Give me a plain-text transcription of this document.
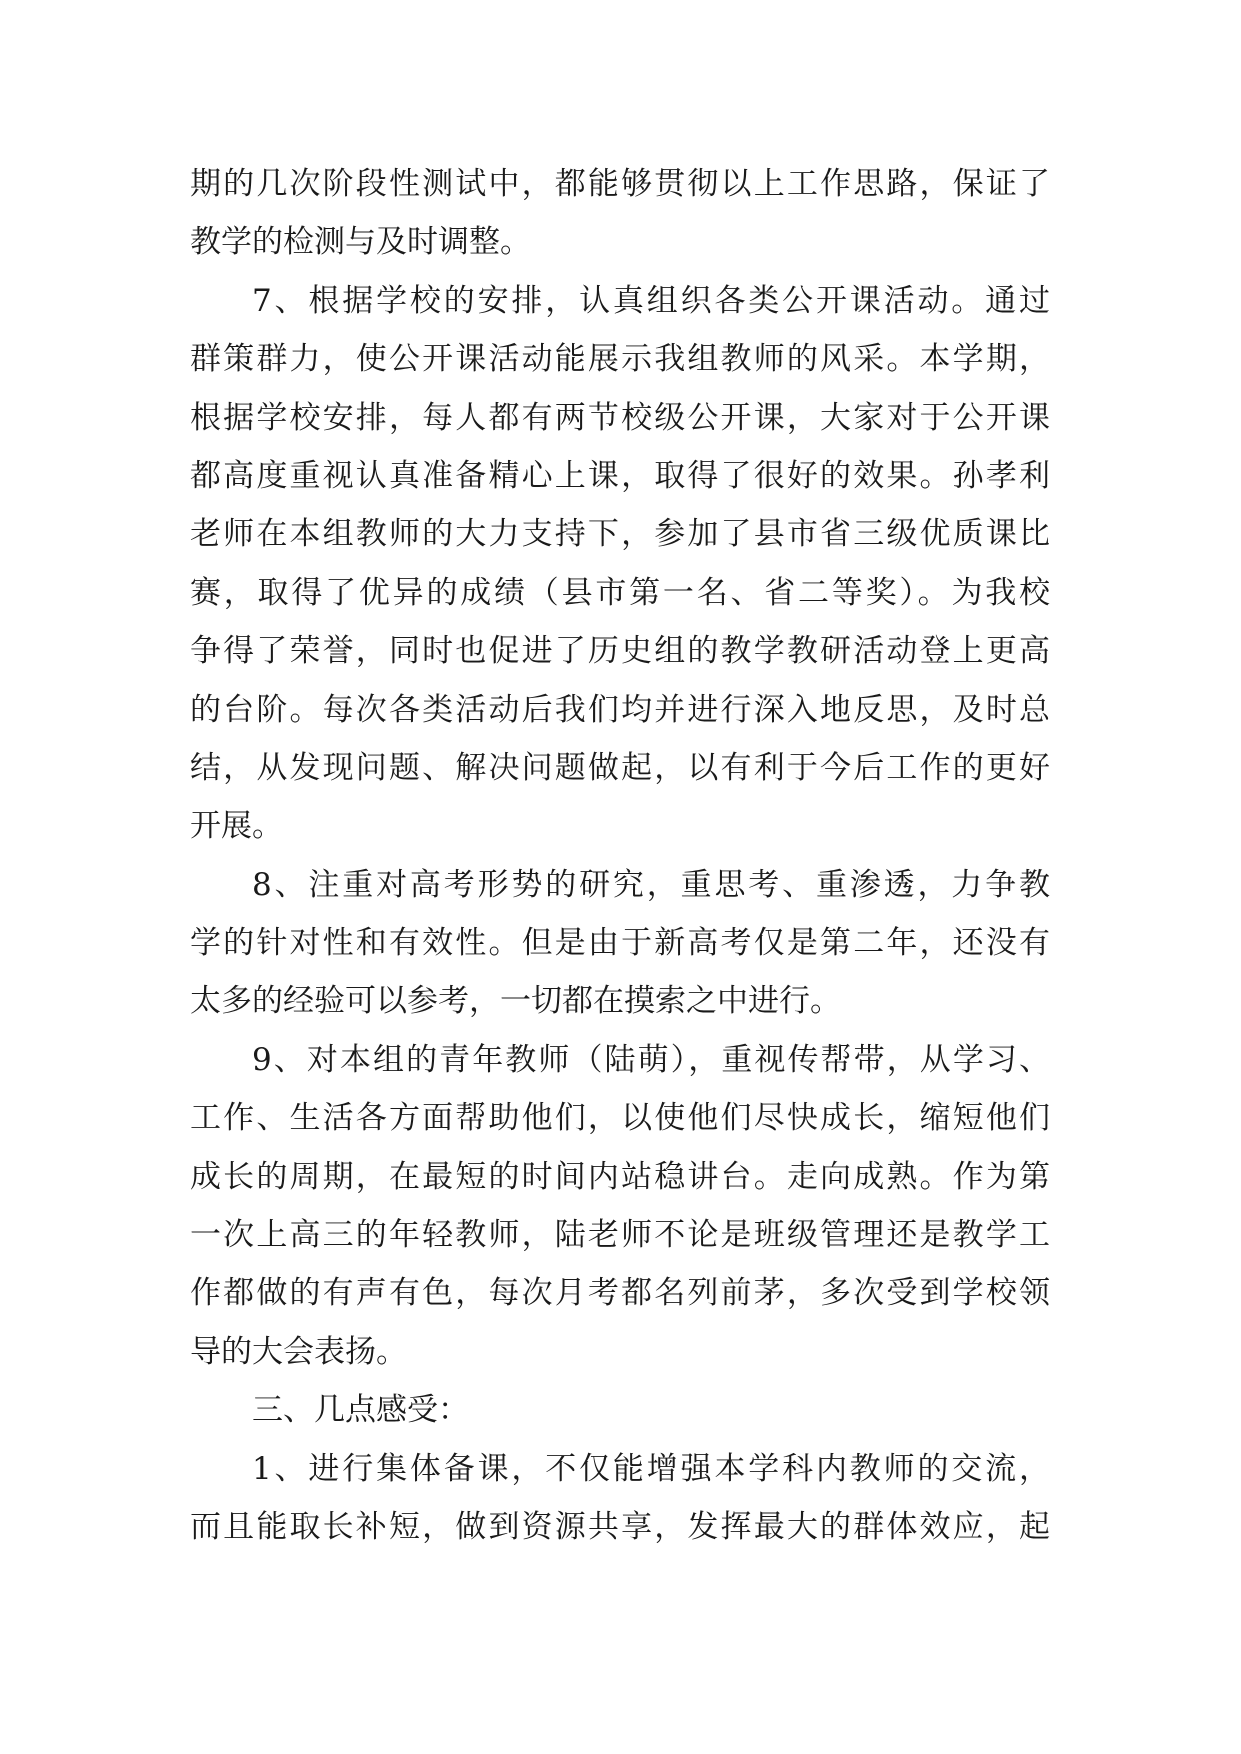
期的几次阶段性测试中，都能够贯彻以上工作思路，保证了
教学的检测与及时调整。
7、根据学校的安排，认真组织各类公开课活动。通过
群策群力，使公开课活动能展示我组教师的风采。本学期，
根据学校安排，每人都有两节校级公开课，大家对于公开课
都高度重视认真准备精心上课，取得了很好的效果。孙孝利
老师在本组教师的大力支持下，参加了县市省三级优质课比
赛，取得了优异的成绩（县市第一名、省二等奖）。为我校
争得了荣誉，同时也促进了历史组的教学教研活动登上更高
的台阶。每次各类活动后我们均并进行深入地反思，及时总
结，从发现问题、解决问题做起，以有利于今后工作的更好
开展。
8、注重对高考形势的研究，重思考、重渗透，力争教
学的针对性和有效性。但是由于新高考仅是第二年，还没有
太多的经验可以参考，一切都在摸索之中进行。
9、对本组的青年教师（陆萌），重视传帮带，从学习、
工作、生活各方面帮助他们，以使他们尽快成长，缩短他们
成长的周期，在最短的时间内站稳讲台。走向成熟。作为第
一次上高三的年轻教师，陆老师不论是班级管理还是教学工
作都做的有声有色，每次月考都名列前茅，多次受到学校领
导的大会表扬。
三、几点感受：
1、进行集体备课，不仅能增强本学科内教师的交流，
而且能取长补短，做到资源共享，发挥最大的群体效应，起
